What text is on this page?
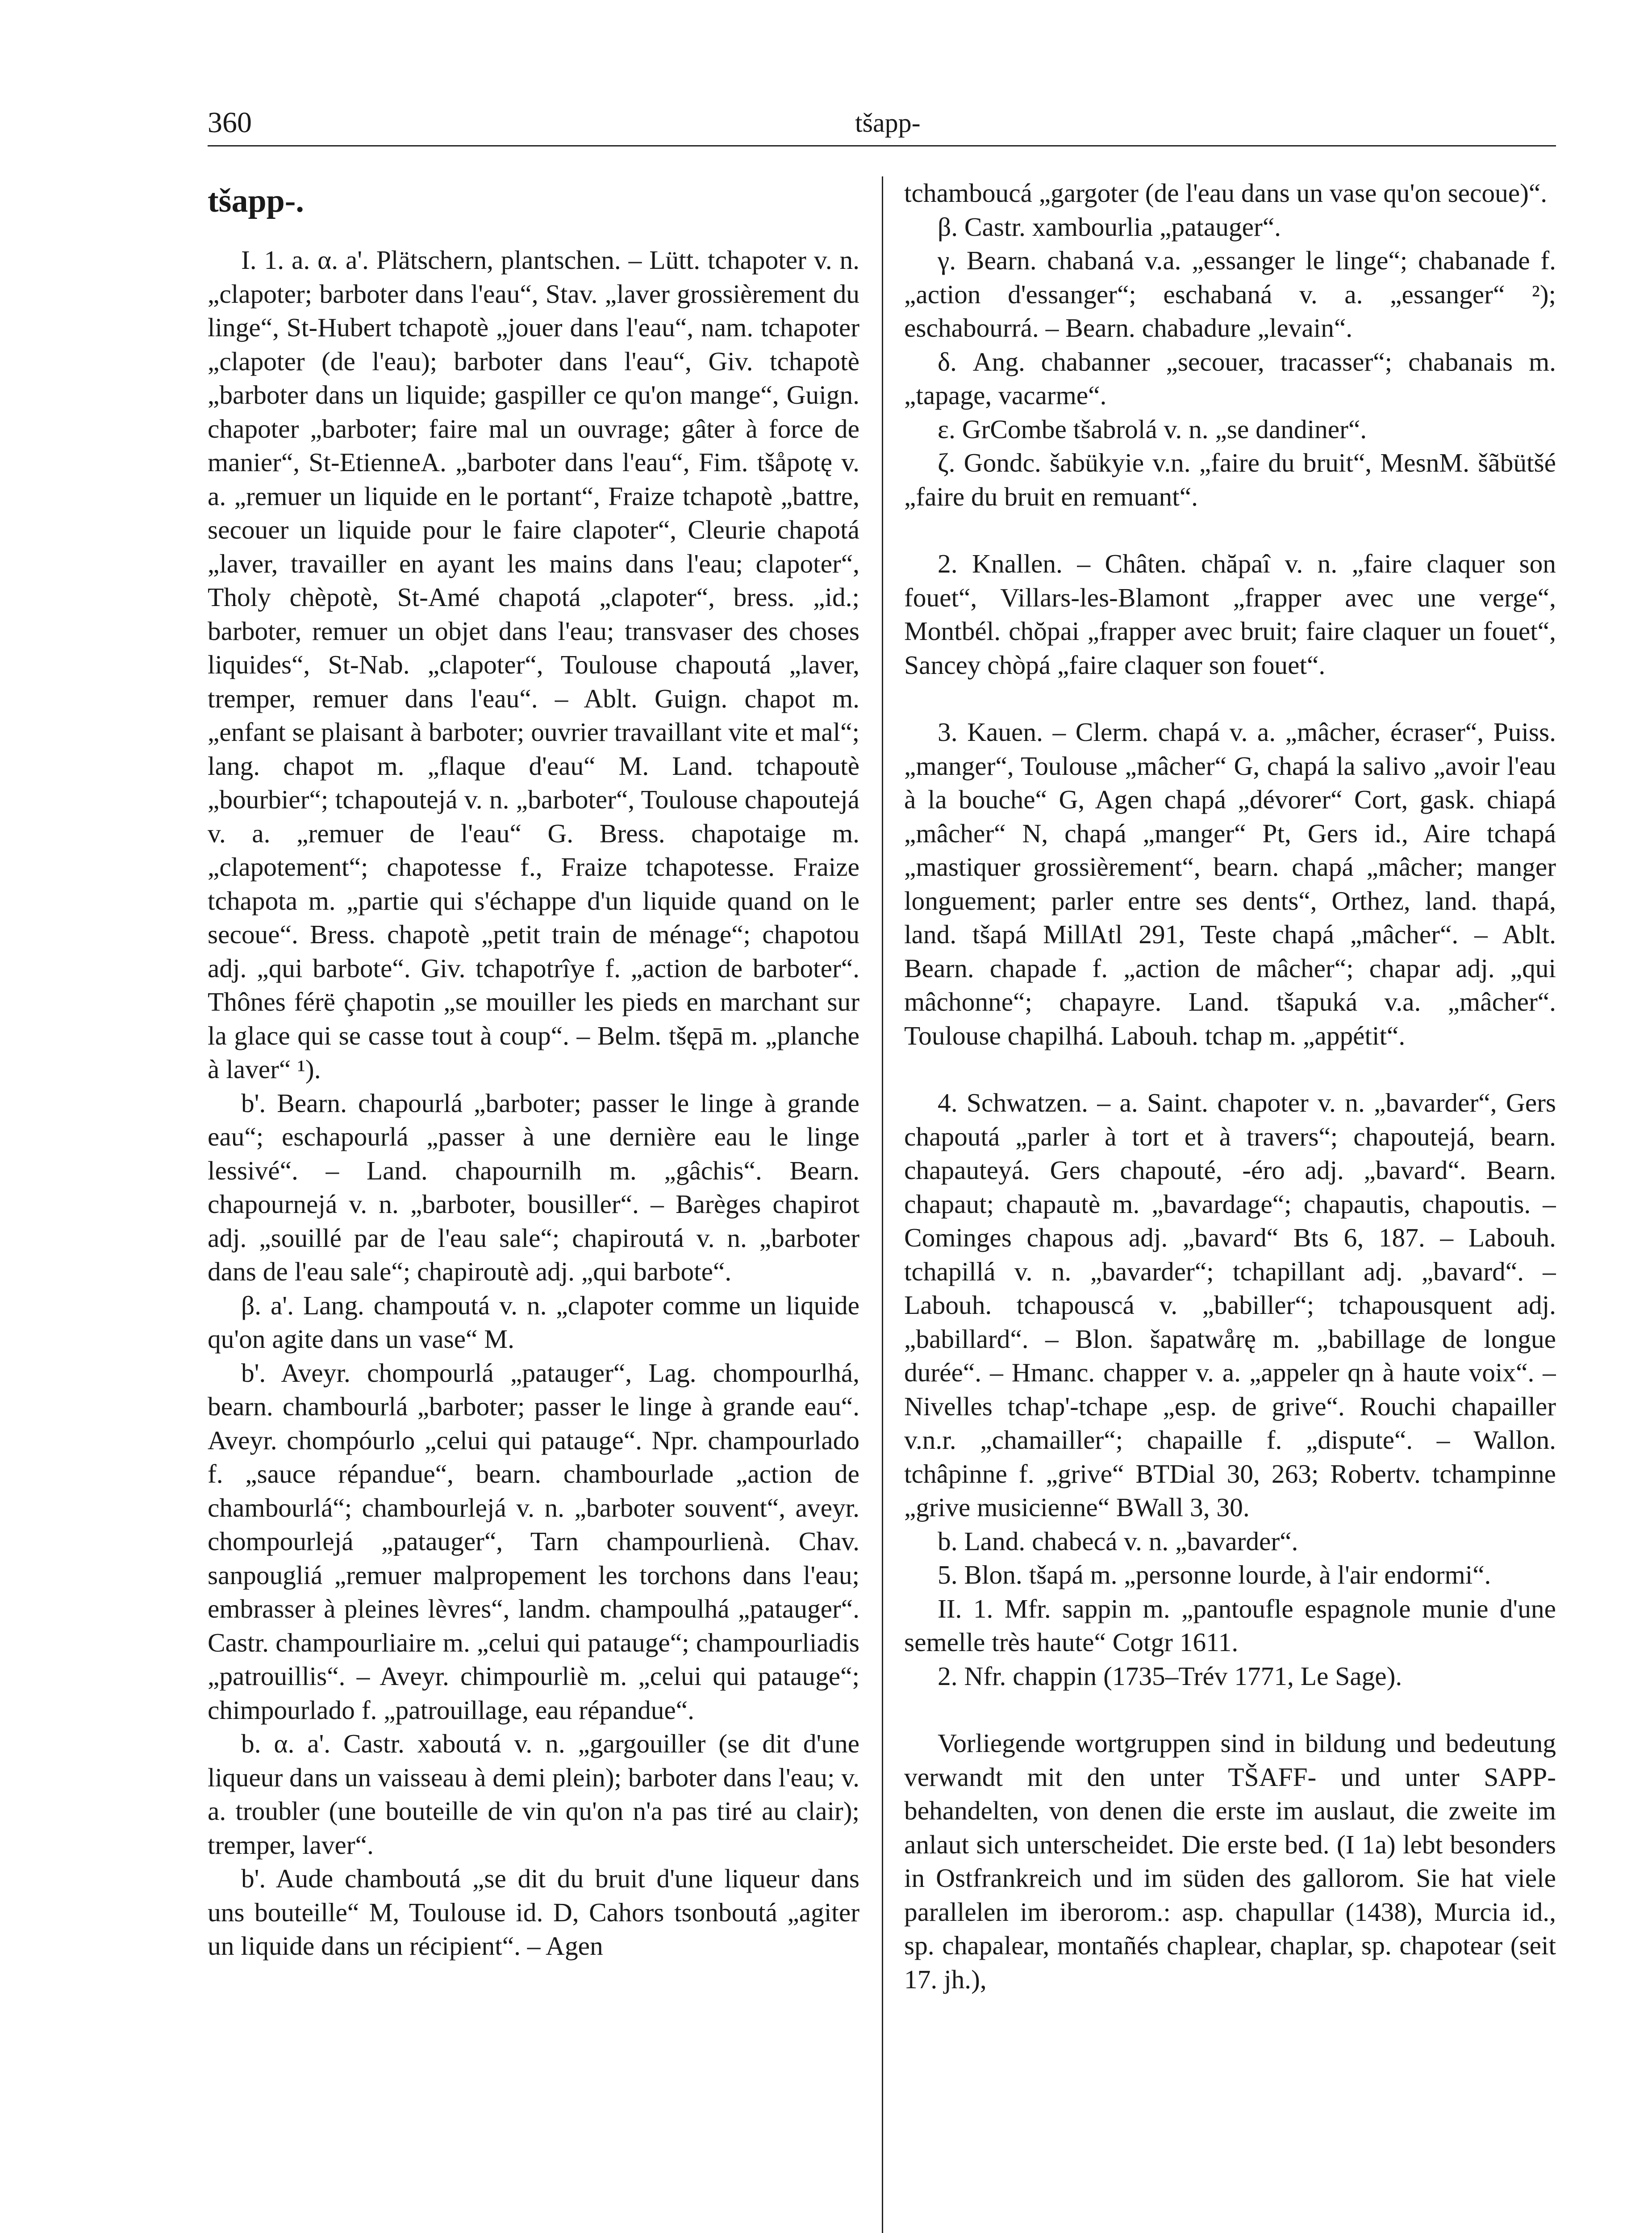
360	tšapp-

tšapp-.

I. 1. a. α. a'. Plätschern, plantschen. – Lütt. tchapoter v. n. „clapoter; barboter dans l'eau“, Stav. „laver grossièrement du linge“, St-Hubert tchapotè „jouer dans l'eau“, nam. tchapoter „clapoter (de l'eau); barboter dans l'eau“, Giv. tchapotè „barboter dans un liquide; gaspiller ce qu'on mange“, Guign. chapoter „barboter; faire mal un ouvrage; gâter à force de manier“, St-EtienneA. „barboter dans l'eau“, Fim. tšåpotę v. a. „remuer un liquide en le portant“, Fraize tchapotè „battre, secouer un liquide pour le faire clapoter“, Cleurie chapotá „laver, travailler en ayant les mains dans l'eau; clapoter“, Tholy chèpotè, St-Amé chapotá „clapoter“, bress. „id.; barboter, remuer un objet dans l'eau; transvaser des choses liquides“, St-Nab. „clapoter“, Toulouse chapoutá „laver, tremper, remuer dans l'eau“. – Ablt. Guign. chapot m. „enfant se plaisant à barboter; ouvrier travaillant vite et mal“; lang. chapot m. „flaque d'eau“ M. Land. tchapoutè „bourbier“; tchapoutejá v. n. „barboter“, Toulouse chapoutejá v. a. „remuer de l'eau“ G. Bress. chapotaige m. „clapotement“; chapotesse f., Fraize tchapotesse. Fraize tchapota m. „partie qui s'échappe d'un liquide quand on le secoue“. Bress. chapotè „petit train de ménage“; chapotou adj. „qui barbote“. Giv. tchapotrîye f. „action de barboter“. Thônes férë çhapotin „se mouiller les pieds en marchant sur la glace qui se casse tout à coup“. – Belm. tšępā m. „planche à laver“ ¹).

b'. Bearn. chapourlá „barboter; passer le linge à grande eau“; eschapourlá „passer à une dernière eau le linge lessivé“. – Land. chapournilh m. „gâchis“. Bearn. chapournejá v. n. „barboter, bousiller“. – Barèges chapirot adj. „souillé par de l'eau sale“; chapiroutá v. n. „barboter dans de l'eau sale“; chapiroutè adj. „qui barbote“.

β. a'. Lang. champoutá v. n. „clapoter comme un liquide qu'on agite dans un vase“ M.

b'. Aveyr. chompourlá „patauger“, Lag. chompourlhá, bearn. chambourlá „barboter; passer le linge à grande eau“. Aveyr. chompóurlo „celui qui patauge“. Npr. champourlado f. „sauce répandue“, bearn. chambourlade „action de chambourlá“; chambourlejá v. n. „barboter souvent“, aveyr. chompourlejá „patauger“, Tarn champourlienà. Chav. sanpougliá „remuer malpropement les torchons dans l'eau; embrasser à pleines lèvres“, landm. champoulhá „patauger“. Castr. champourliaire m. „celui qui patauge“; champourliadis „patrouillis“. – Aveyr. chimpourliè m. „celui qui patauge“; chimpourlado f. „patrouillage, eau répandue“.

b. α. a'. Castr. xaboutá v. n. „gargouiller (se dit d'une liqueur dans un vaisseau à demi plein); barboter dans l'eau; v. a. troubler (une bouteille de vin qu'on n'a pas tiré au clair); tremper, laver“.

b'. Aude chamboutá „se dit du bruit d'une liqueur dans uns bouteille“ M, Toulouse id. D, Cahors tsonboutá „agiter un liquide dans un récipient“. – Agen

tchamboucá „gargoter (de l'eau dans un vase qu'on secoue)“.

β. Castr. xambourlia „patauger“.

γ. Bearn. chabaná v.a. „essanger le linge“; chabanade f. „action d'essanger“; eschabaná v. a. „essanger“ ²); eschabourrá. – Bearn. chabadure „levain“.

δ. Ang. chabanner „secouer, tracasser“; chabanais m. „tapage, vacarme“.

ε. GrCombe tšabrolá v. n. „se dandiner“.

ζ. Gondc. šabükyie v.n. „faire du bruit“, MesnM. šãbütšé „faire du bruit en remuant“.

2. Knallen. – Châten. chăpaî v. n. „faire claquer son fouet“, Villars-les-Blamont „frapper avec une verge“, Montbél. chŏpai „frapper avec bruit; faire claquer un fouet“, Sancey chòpá „faire claquer son fouet“.

3. Kauen. – Clerm. chapá v. a. „mâcher, écraser“, Puiss. „manger“, Toulouse „mâcher“ G, chapá la salivo „avoir l'eau à la bouche“ G, Agen chapá „dévorer“ Cort, gask. chiapá „mâcher“ N, chapá „manger“ Pt, Gers id., Aire tchapá „mastiquer grossièrement“, bearn. chapá „mâcher; manger longuement; parler entre ses dents“, Orthez, land. thapá, land. tšapá MillAtl 291, Teste chapá „mâcher“. – Ablt. Bearn. chapade f. „action de mâcher“; chapar adj. „qui mâchonne“; chapayre. Land. tšapuká v.a. „mâcher“. Toulouse chapilhá. Labouh. tchap m. „appétit“.

4. Schwatzen. – a. Saint. chapoter v. n. „bavarder“, Gers chapoutá „parler à tort et à travers“; chapoutejá, bearn. chapauteyá. Gers chapouté, -éro adj. „bavard“. Bearn. chapaut; chapautè m. „bavardage“; chapautis, chapoutis. – Cominges chapous adj. „bavard“ Bts 6, 187. – Labouh. tchapillá v. n. „bavarder“; tchapillant adj. „bavard“. – Labouh. tchapouscá v. „babiller“; tchapousquent adj. „babillard“. – Blon. šapatwårę m. „babillage de longue durée“. – Hmanc. chapper v. a. „appeler qn à haute voix“. – Nivelles tchap'-tchape „esp. de grive“. Rouchi chapailler v.n.r. „chamailler“; chapaille f. „dispute“. – Wallon. tchâpinne f. „grive“ BTDial 30, 263; Robertv. tchampinne „grive musicienne“ BWall 3, 30.

b. Land. chabecá v. n. „bavarder“.

5. Blon. tšapá m. „personne lourde, à l'air endormi“.

II. 1. Mfr. sappin m. „pantoufle espagnole munie d'une semelle très haute“ Cotgr 1611.

2. Nfr. chappin (1735–Trév 1771, Le Sage).

Vorliegende wortgruppen sind in bildung und bedeutung verwandt mit den unter TŠAFF- und unter SAPP- behandelten, von denen die erste im auslaut, die zweite im anlaut sich unterscheidet. Die erste bed. (I 1a) lebt besonders in Ostfrankreich und im süden des gallorom. Sie hat viele parallelen im iberorom.: asp. chapullar (1438), Murcia id., sp. chapalear, montañés chaplear, chaplar, sp. chapotear (seit 17. jh.),
